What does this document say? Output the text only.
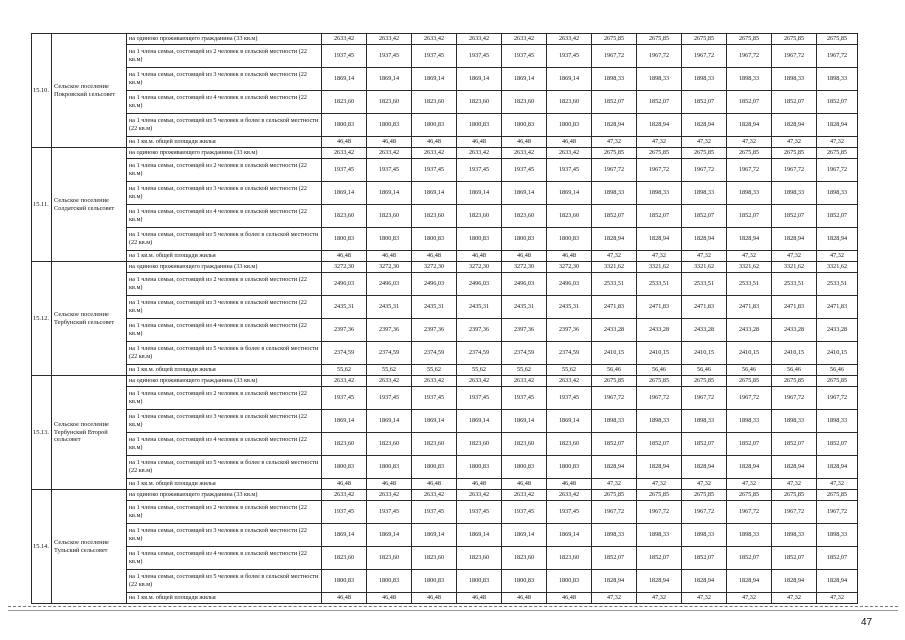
15.10.	Сельское поселение Покровский сельсовет	на одиноко проживающего гражданина (33 кв.м)	2633,42	2633,42	2633,42	2633,42	2633,42	2633,42	2675,85	2675,85	2675,85	2675,85	2675,85	2675,85
		на 1 члена семьи, состоящей из 2 человек в сельской местности (22 кв.м)	1937,45	1937,45	1937,45	1937,45	1937,45	1937,45	1967,72	1967,72	1967,72	1967,72	1967,72	1967,72
		на 1 члена семьи, состоящей из 3 человек в сельской местности (22 кв.м)	1869,14	1869,14	1869,14	1869,14	1869,14	1869,14	1898,33	1898,33	1898,33	1898,33	1898,33	1898,33
		на 1 члена семьи, состоящей из 4 человек в сельской местности (22 кв.м)	1823,60	1823,60	1823,60	1823,60	1823,60	1823,60	1852,07	1852,07	1852,07	1852,07	1852,07	1852,07
		на 1 члена семьи, состоящей из 5 человек и более в сельской местности (22 кв.м)	1800,83	1800,83	1800,83	1800,83	1800,83	1800,83	1828,94	1828,94	1828,94	1828,94	1828,94	1828,94
		на 1 кв.м. общей площади жилья	46,48	46,48	46,48	46,48	46,48	46,48	47,32	47,32	47,32	47,32	47,32	47,32
15.11.	Сельское поселение Солдатский сельсовет	на одиноко проживающего гражданина (33 кв.м)	2633,42	2633,42	2633,42	2633,42	2633,42	2633,42	2675,85	2675,85	2675,85	2675,85	2675,85	2675,85
		на 1 члена семьи, состоящей из 2 человек в сельской местности (22 кв.м)	1937,45	1937,45	1937,45	1937,45	1937,45	1937,45	1967,72	1967,72	1967,72	1967,72	1967,72	1967,72
		на 1 члена семьи, состоящей из 3 человек в сельской местности (22 кв.м)	1869,14	1869,14	1869,14	1869,14	1869,14	1869,14	1898,33	1898,33	1898,33	1898,33	1898,33	1898,33
		на 1 члена семьи, состоящей из 4 человек в сельской местности (22 кв.м)	1823,60	1823,60	1823,60	1823,60	1823,60	1823,60	1852,07	1852,07	1852,07	1852,07	1852,07	1852,07
		на 1 члена семьи, состоящей из 5 человек и более в сельской местности (22 кв.м)	1800,83	1800,83	1800,83	1800,83	1800,83	1800,83	1828,94	1828,94	1828,94	1828,94	1828,94	1828,94
		на 1 кв.м. общей площади жилья	46,48	46,48	46,48	46,48	46,48	46,48	47,32	47,32	47,32	47,32	47,32	47,32
15.12.	Сельское поселение Тербунский сельсовет	на одиноко проживающего гражданина (33 кв.м)	3272,30	3272,30	3272,30	3272,30	3272,30	3272,30	3321,62	3321,62	3321,62	3321,62	3321,62	3321,62
		на 1 члена семьи, состоящей из 2 человек в сельской местности (22 кв.м)	2496,03	2496,03	2496,03	2496,03	2496,03	2496,03	2533,51	2533,51	2533,51	2533,51	2533,51	2533,51
		на 1 члена семьи, состоящей из 3 человек в сельской местности (22 кв.м)	2435,31	2435,31	2435,31	2435,31	2435,31	2435,31	2471,83	2471,83	2471,83	2471,83	2471,83	2471,83
		на 1 члена семьи, состоящей из 4 человек в сельской местности (22 кв.м)	2397,36	2397,36	2397,36	2397,36	2397,36	2397,36	2433,28	2433,28	2433,28	2433,28	2433,28	2433,28
		на 1 члена семьи, состоящей из 5 человек и более в сельской местности (22 кв.м)	2374,59	2374,59	2374,59	2374,59	2374,59	2374,59	2410,15	2410,15	2410,15	2410,15	2410,15	2410,15
		на 1 кв.м. общей площади жилья	55,62	55,62	55,62	55,62	55,62	55,62	56,46	56,46	56,46	56,46	56,46	56,46
15.13.	Сельское поселение Тербунский Второй сельсовет	на одиноко проживающего гражданина (33 кв.м)	2633,42	2633,42	2633,42	2633,42	2633,42	2633,42	2675,85	2675,85	2675,85	2675,85	2675,85	2675,85
		на 1 члена семьи, состоящей из 2 человек в сельской местности (22 кв.м)	1937,45	1937,45	1937,45	1937,45	1937,45	1937,45	1967,72	1967,72	1967,72	1967,72	1967,72	1967,72
		на 1 члена семьи, состоящей из 3 человек в сельской местности (22 кв.м)	1869,14	1869,14	1869,14	1869,14	1869,14	1869,14	1898,33	1898,33	1898,33	1898,33	1898,33	1898,33
		на 1 члена семьи, состоящей из 4 человек в сельской местности (22 кв.м)	1823,60	1823,60	1823,60	1823,60	1823,60	1823,60	1852,07	1852,07	1852,07	1852,07	1852,07	1852,07
		на 1 члена семьи, состоящей из 5 человек и более в сельской местности (22 кв.м)	1800,83	1800,83	1800,83	1800,83	1800,83	1800,83	1828,94	1828,94	1828,94	1828,94	1828,94	1828,94
		на 1 кв.м. общей площади жилья	46,48	46,48	46,48	46,48	46,48	46,48	47,32	47,32	47,32	47,32	47,32	47,32
15.14.	Сельское поселение Тульский сельсовет	на одиноко проживающего гражданина (33 кв.м)	2633,42	2633,42	2633,42	2633,42	2633,42	2633,42	2675,85	2675,85	2675,85	2675,85	2675,85	2675,85
		на 1 члена семьи, состоящей из 2 человек в сельской местности (22 кв.м)	1937,45	1937,45	1937,45	1937,45	1937,45	1937,45	1967,72	1967,72	1967,72	1967,72	1967,72	1967,72
		на 1 члена семьи, состоящей из 3 человек в сельской местности (22 кв.м)	1869,14	1869,14	1869,14	1869,14	1869,14	1869,14	1898,33	1898,33	1898,33	1898,33	1898,33	1898,33
		на 1 члена семьи, состоящей из 4 человек в сельской местности (22 кв.м)	1823,60	1823,60	1823,60	1823,60	1823,60	1823,60	1852,07	1852,07	1852,07	1852,07	1852,07	1852,07
		на 1 члена семьи, состоящей из 5 человек и более в сельской местности (22 кв.м)	1800,83	1800,83	1800,83	1800,83	1800,83	1800,83	1828,94	1828,94	1828,94	1828,94	1828,94	1828,94
		на 1 кв.м. общей площади жилья	46,48	46,48	46,48	46,48	46,48	46,48	47,32	47,32	47,32	47,32	47,32	47,32
47
